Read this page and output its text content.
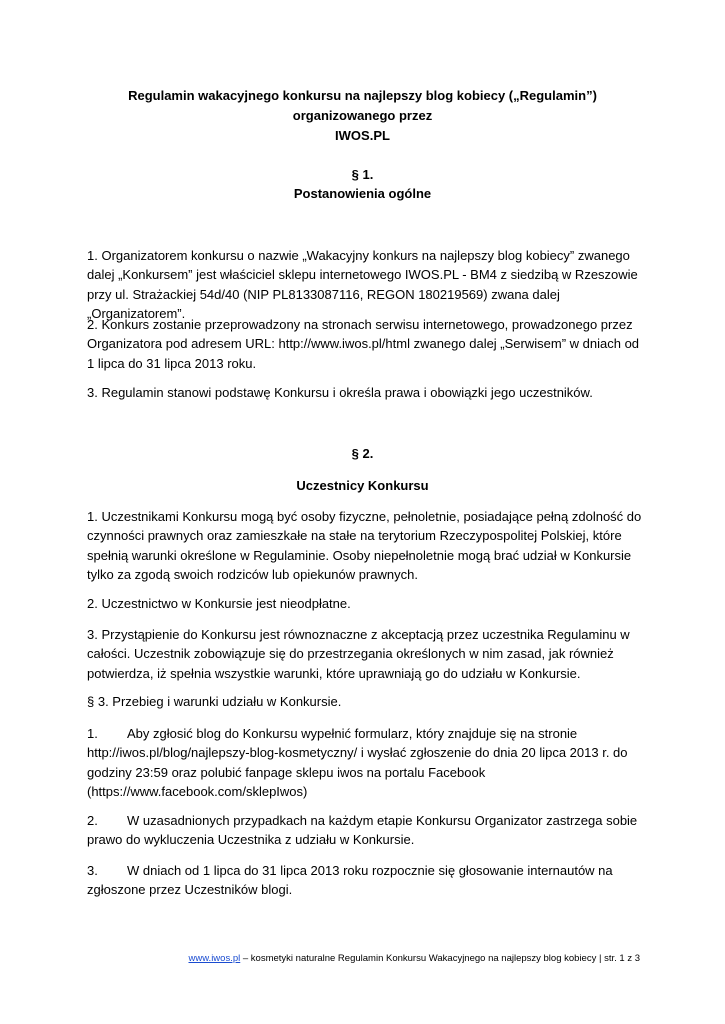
Regulamin wakacyjnego konkursu na najlepszy blog kobiecy („Regulamin”) organizowanego przez
IWOS.PL
§ 1.
Postanowienia ogólne
1. Organizatorem konkursu o nazwie „Wakacyjny konkurs na najlepszy blog kobiecy” zwanego dalej „Konkursem” jest właściciel sklepu internetowego IWOS.PL - BM4 z siedzibą w Rzeszowie przy ul. Strażackiej 54d/40 (NIP PL8133087116, REGON 180219569) zwana dalej „Organizatorem”.
2. Konkurs zostanie przeprowadzony na stronach serwisu internetowego, prowadzonego przez Organizatora pod adresem URL: http://www.iwos.pl/html zwanego dalej „Serwisem” w dniach od 1 lipca do 31 lipca 2013 roku.
3. Regulamin stanowi podstawę Konkursu i określa prawa i obowiązki jego uczestników.
§ 2.
Uczestnicy Konkursu
1. Uczestnikami Konkursu mogą być osoby fizyczne, pełnoletnie, posiadające pełną zdolność do czynności prawnych oraz zamieszkałe na stałe na terytorium Rzeczypospolitej Polskiej, które spełnią warunki określone w Regulaminie. Osoby niepełnoletnie mogą brać udział w Konkursie tylko za zgodą swoich rodziców lub opiekunów prawnych.
2. Uczestnictwo w Konkursie jest nieodpłatne.
3. Przystąpienie do Konkursu jest równoznaczne z akceptacją przez uczestnika Regulaminu w całości. Uczestnik zobowiązuje się do przestrzegania określonych w nim zasad, jak również potwierdza, iż spełnia wszystkie warunki, które uprawniają go do udziału w Konkursie.
§ 3. Przebieg i warunki udziału w Konkursie.
1. Aby zgłosić blog do Konkursu wypełnić formularz, który znajduje się na stronie http://iwos.pl/blog/najlepszy-blog-kosmetyczny/ i wysłać zgłoszenie do dnia 20 lipca 2013 r. do godziny 23:59 oraz polubić fanpage sklepu iwos na portalu Facebook (https://www.facebook.com/sklepIwos)
2. W uzasadnionych przypadkach na każdym etapie Konkursu Organizator zastrzega sobie prawo do wykluczenia Uczestnika z udziału w Konkursie.
3. W dniach od 1 lipca do 31 lipca 2013 roku rozpocznie się głosowanie internautów na zgłoszone przez Uczestników blogi.
www.iwos.pl – kosmetyki naturalne Regulamin Konkursu Wakacyjnego na najlepszy blog kobiecy | str. 1 z 3
